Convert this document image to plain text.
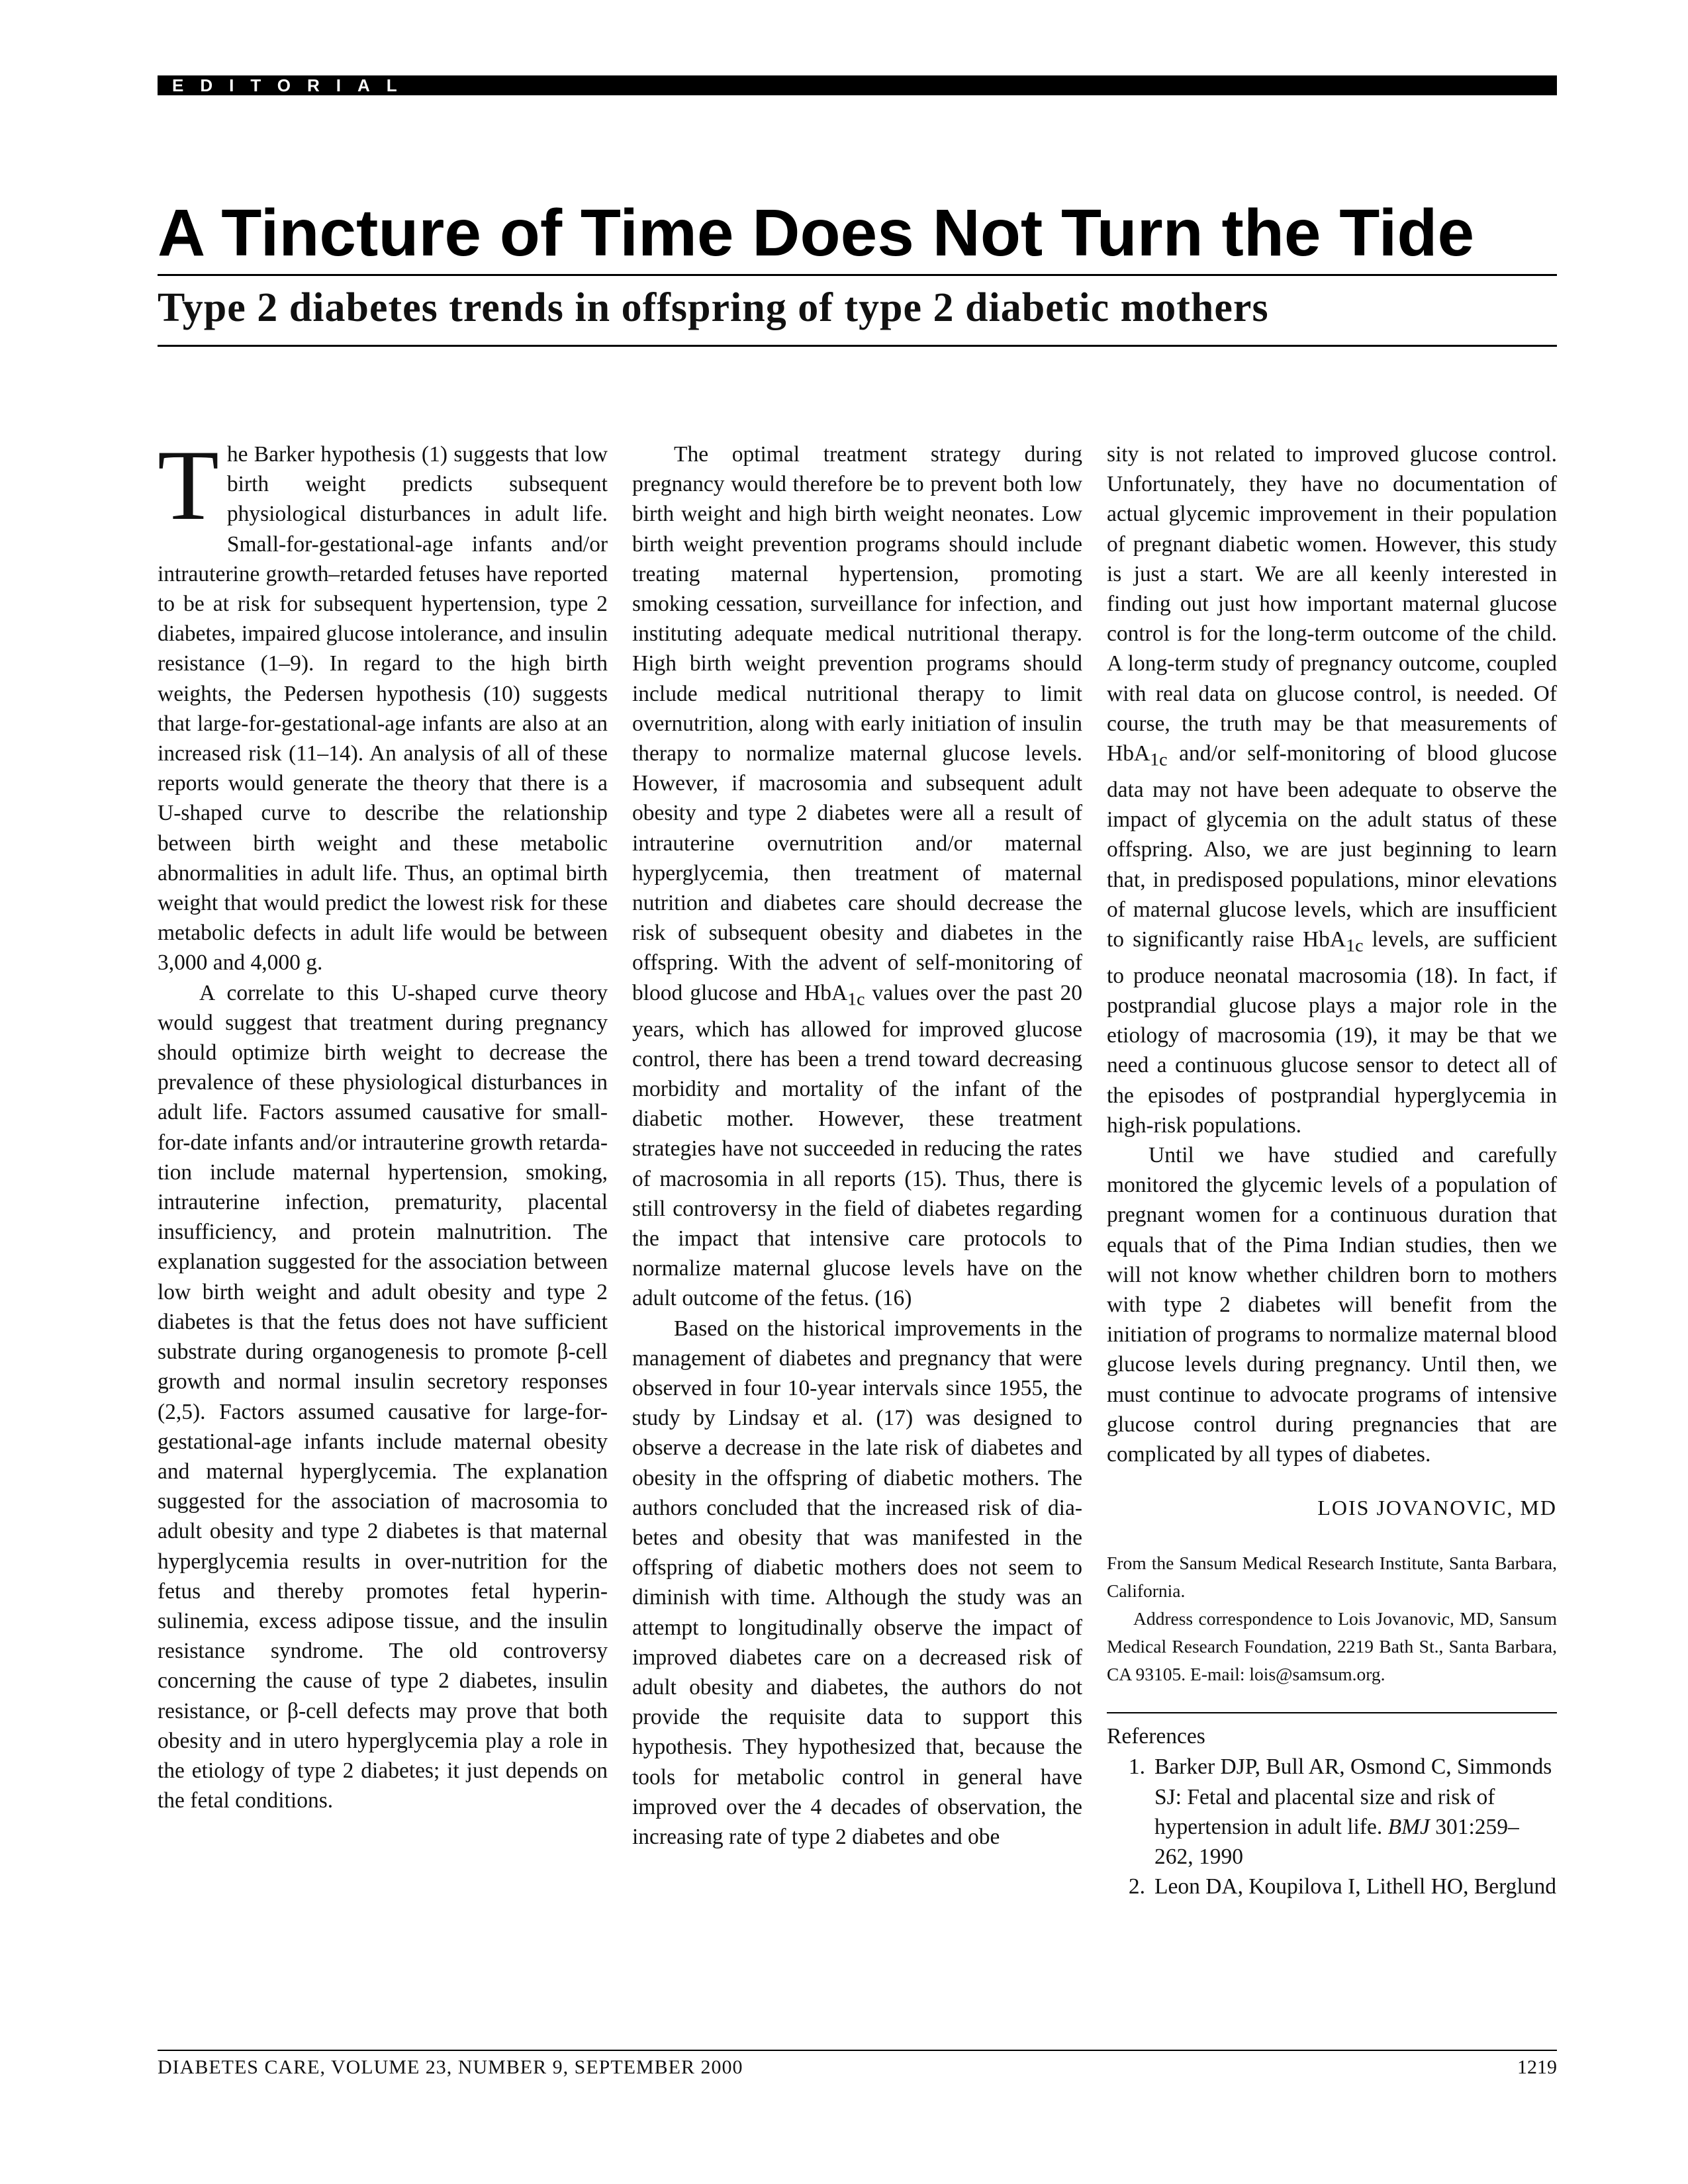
EDITORIAL
A Tincture of Time Does Not Turn the Tide
Type 2 diabetes trends in offspring of type 2 diabetic mothers

The Barker hypothesis (1) suggests that low birth weight predicts subsequent physiological disturbances in adult life. Small-for-gestational-age infants and/or intrauterine growth–retarded fetuses have reported to be at risk for subsequent hypertension, type 2 diabetes, impaired glucose intolerance, and insulin resistance (1–9). In regard to the high birth weights, the Pedersen hypothesis (10) suggests that large-for-gestational-age infants are also at an increased risk (11–14). An analysis of all of these reports would generate the theory that there is a U-shaped curve to describe the relationship between birth weight and these metabolic abnormalities in adult life. Thus, an optimal birth weight that would predict the lowest risk for these metabolic defects in adult life would be between 3,000 and 4,000 g.

A correlate to this U-shaped curve theory would suggest that treatment during pregnancy should optimize birth weight to decrease the prevalence of these physiological disturbances in adult life. Factors assumed causative for small-for-date infants and/or intrauterine growth retardation include maternal hypertension, smoking, intrauterine infection, prematurity, placental insufficiency, and protein malnutrition. The explanation suggested for the association between low birth weight and adult obesity and type 2 diabetes is that the fetus does not have sufficient substrate during organogenesis to promote β-cell growth and normal insulin secretory responses (2,5). Factors assumed causative for large-for-gestational-age infants include maternal obesity and maternal hyperglycemia. The explanation suggested for the association of macrosomia to adult obesity and type 2 diabetes is that maternal hyperglycemia results in over-nutrition for the fetus and thereby promotes fetal hyperinsulinemia, excess adipose tissue, and the insulin resistance syndrome. The old controversy concerning the cause of type 2 diabetes, insulin resistance, or β-cell defects may prove that both obesity and in utero hyperglycemia play a role in the etiology of type 2 diabetes; it just depends on the fetal conditions.

The optimal treatment strategy during pregnancy would therefore be to prevent both low birth weight and high birth weight neonates. Low birth weight prevention programs should include treating maternal hypertension, promoting smoking cessation, surveillance for infection, and instituting adequate medical nutritional therapy. High birth weight prevention programs should include medical nutritional therapy to limit overnutrition, along with early initiation of insulin therapy to normalize maternal glucose levels. However, if macrosomia and subsequent adult obesity and type 2 diabetes were all a result of intrauterine overnutrition and/or maternal hyperglycemia, then treatment of maternal nutrition and diabetes care should decrease the risk of subsequent obesity and diabetes in the offspring. With the advent of self-monitoring of blood glucose and HbA$_{1c}$ values over the past 20 years, which has allowed for improved glucose control, there has been a trend toward decreasing morbidity and mortality of the infant of the diabetic mother. However, these treatment strategies have not succeeded in reducing the rates of macrosomia in all reports (15). Thus, there is still controversy in the field of diabetes regarding the impact that intensive care protocols to normalize maternal glucose levels have on the adult outcome of the fetus. (16)

Based on the historical improvements in the management of diabetes and pregnancy that were observed in four 10-year intervals since 1955, the study by Lindsay et al. (17) was designed to observe a decrease in the late risk of diabetes and obesity in the offspring of diabetic mothers. The authors concluded that the increased risk of diabetes and obesity that was manifested in the offspring of diabetic mothers does not seem to diminish with time. Although the study was an attempt to longitudinally observe the impact of improved diabetes care on a decreased risk of adult obesity and diabetes, the authors do not provide the requisite data to support this hypothesis. They hypothesized that, because the tools for metabolic control in general have improved over the 4 decades of observation, the increasing rate of type 2 diabetes and obe

sity is not related to improved glucose control. Unfortunately, they have no documentation of actual glycemic improvement in their population of pregnant diabetic women. However, this study is just a start. We are all keenly interested in finding out just how important maternal glucose control is for the long-term outcome of the child. A long-term study of pregnancy outcome, coupled with real data on glucose control, is needed. Of course, the truth may be that measurements of HbA$_{1c}$ and/or self-monitoring of blood glucose data may not have been adequate to observe the impact of glycemia on the adult status of these offspring. Also, we are just beginning to learn that, in predisposed populations, minor elevations of maternal glucose levels, which are insufficient to significantly raise HbA$_{1c}$ levels, are sufficient to produce neonatal macrosomia (18). In fact, if postprandial glucose plays a major role in the etiology of macrosomia (19), it may be that we need a continuous glucose sensor to detect all of the episodes of postprandial hyperglycemia in high-risk populations.

Until we have studied and carefully monitored the glycemic levels of a population of pregnant women for a continuous duration that equals that of the Pima Indian studies, then we will not know whether children born to mothers with type 2 diabetes will benefit from the initiation of programs to normalize maternal blood glucose levels during pregnancy. Until then, we must continue to advocate programs of intensive glucose control during pregnancies that are complicated by all types of diabetes.

LOIS JOVANOVIC, MD

From the Sansum Medical Research Institute, Santa Barbara, California.

Address correspondence to Lois Jovanovic, MD, Sansum Medical Research Foundation, 2219 Bath St., Santa Barbara, CA 93105. E-mail: lois@samsum.org.

References

1. Barker DJP, Bull AR, Osmond C, Simmonds SJ: Fetal and placental size and risk of hypertension in adult life. BMJ 301:259–262, 1990
2. Leon DA, Koupilova I, Lithell HO, Berglund
DIABETES CARE, VOLUME 23, NUMBER 9, SEPTEMBER 2000	1219
